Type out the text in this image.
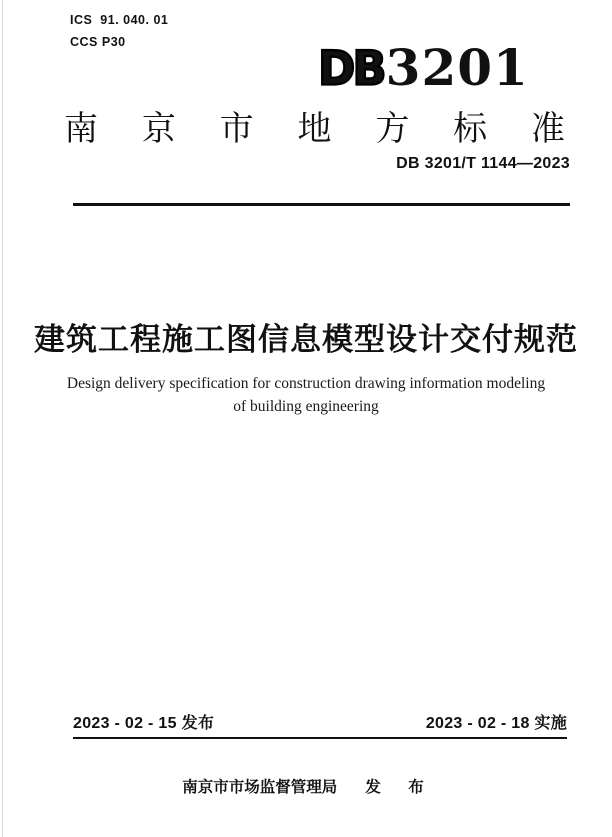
ICS 91. 040. 01
CCS P30	DB 3201
南 京 市 地 方 标 准
DB 3201/T 1144—2023
建筑工程施工图信息模型设计交付规范
Design delivery specification for construction drawing information modeling
of building engineering
2023 - 02 - 15 发布	2023 - 02 - 18 实施
南京市市场监督管理局 发　布
